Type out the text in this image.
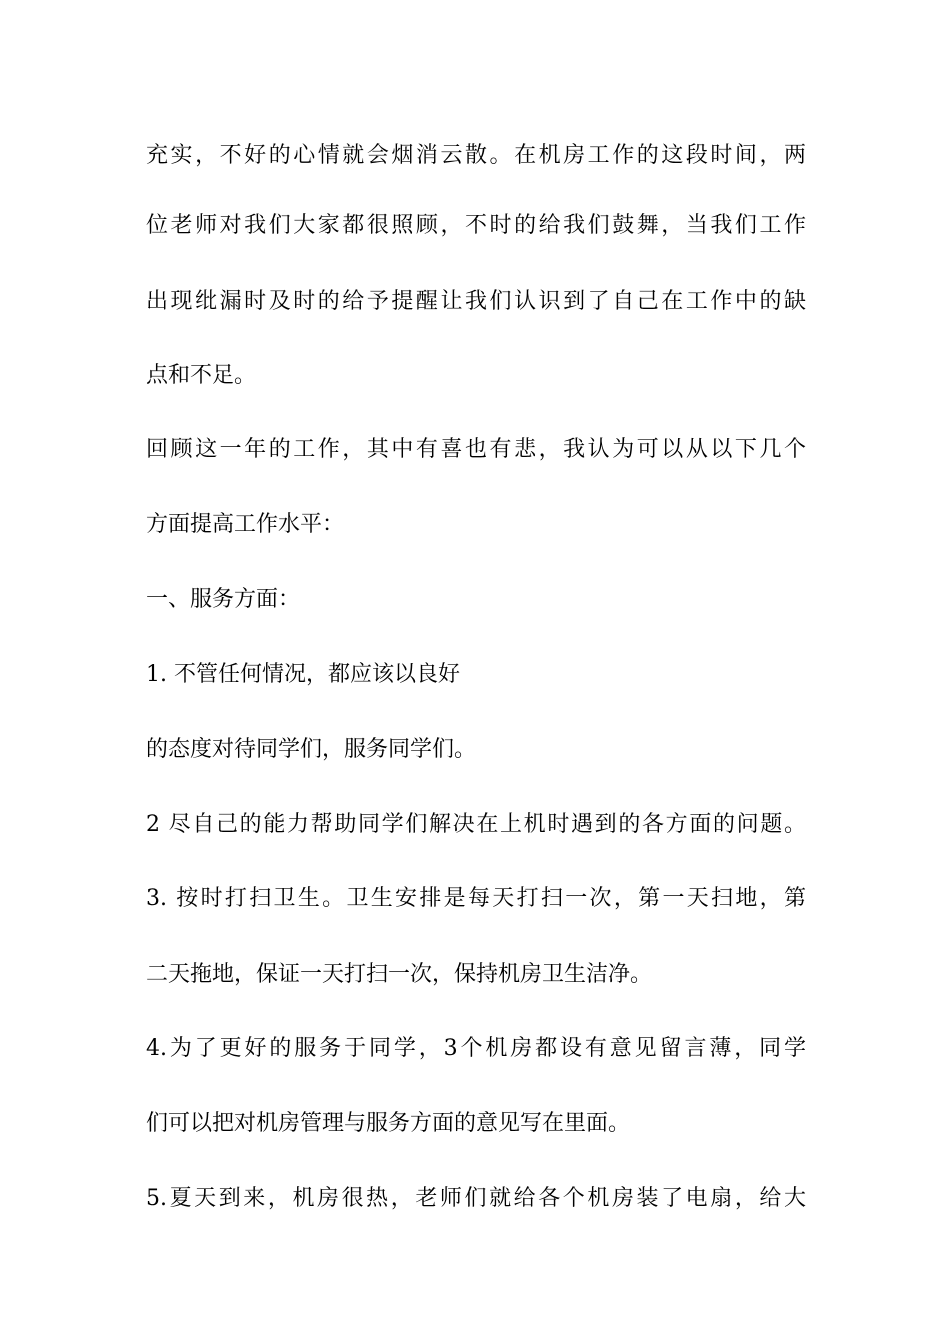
充实，不好的心情就会烟消云散。在机房工作的这段时间，两
位老师对我们大家都很照顾，不时的给我们鼓舞，当我们工作
出现纰漏时及时的给予提醒让我们认识到了自己在工作中的缺
点和不足。
回顾这一年的工作，其中有喜也有悲，我认为可以从以下几个
方面提高工作水平：
一、服务方面：
1. 不管任何情况，都应该以良好
的态度对待同学们，服务同学们。
2 尽自己的能力帮助同学们解决在上机时遇到的各方面的问题。
3. 按时打扫卫生。卫生安排是每天打扫一次，第一天扫地，第
二天拖地，保证一天打扫一次，保持机房卫生洁净。
4.为了更好的服务于同学，3个机房都设有意见留言薄，同学
们可以把对机房管理与服务方面的意见写在里面。
5.夏天到来，机房很热，老师们就给各个机房装了电扇，给大
